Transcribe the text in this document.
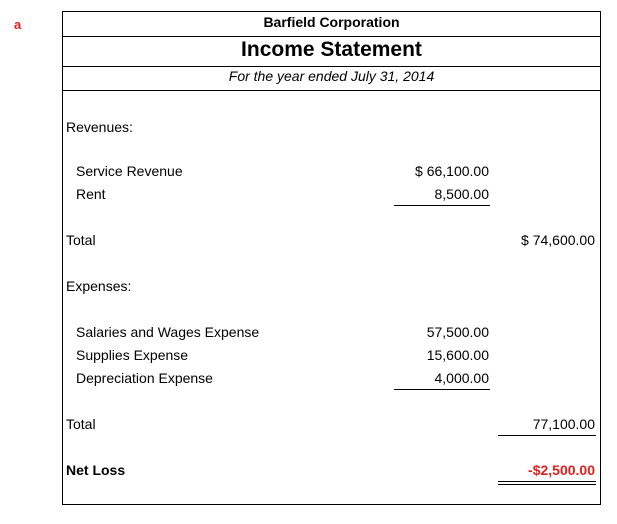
a	Barfield Corporation
Income Statement
For the year ended July 31, 2014
Revenues:
Service Revenue	$ 66,100.00
Rent	8,500.00
Total	$ 74,600.00
Expenses:
Salaries and Wages Expense	57,500.00
Supplies Expense	15,600.00
Depreciation Expense	4,000.00
Total	77,100.00
Net Loss	-$2,500.00
